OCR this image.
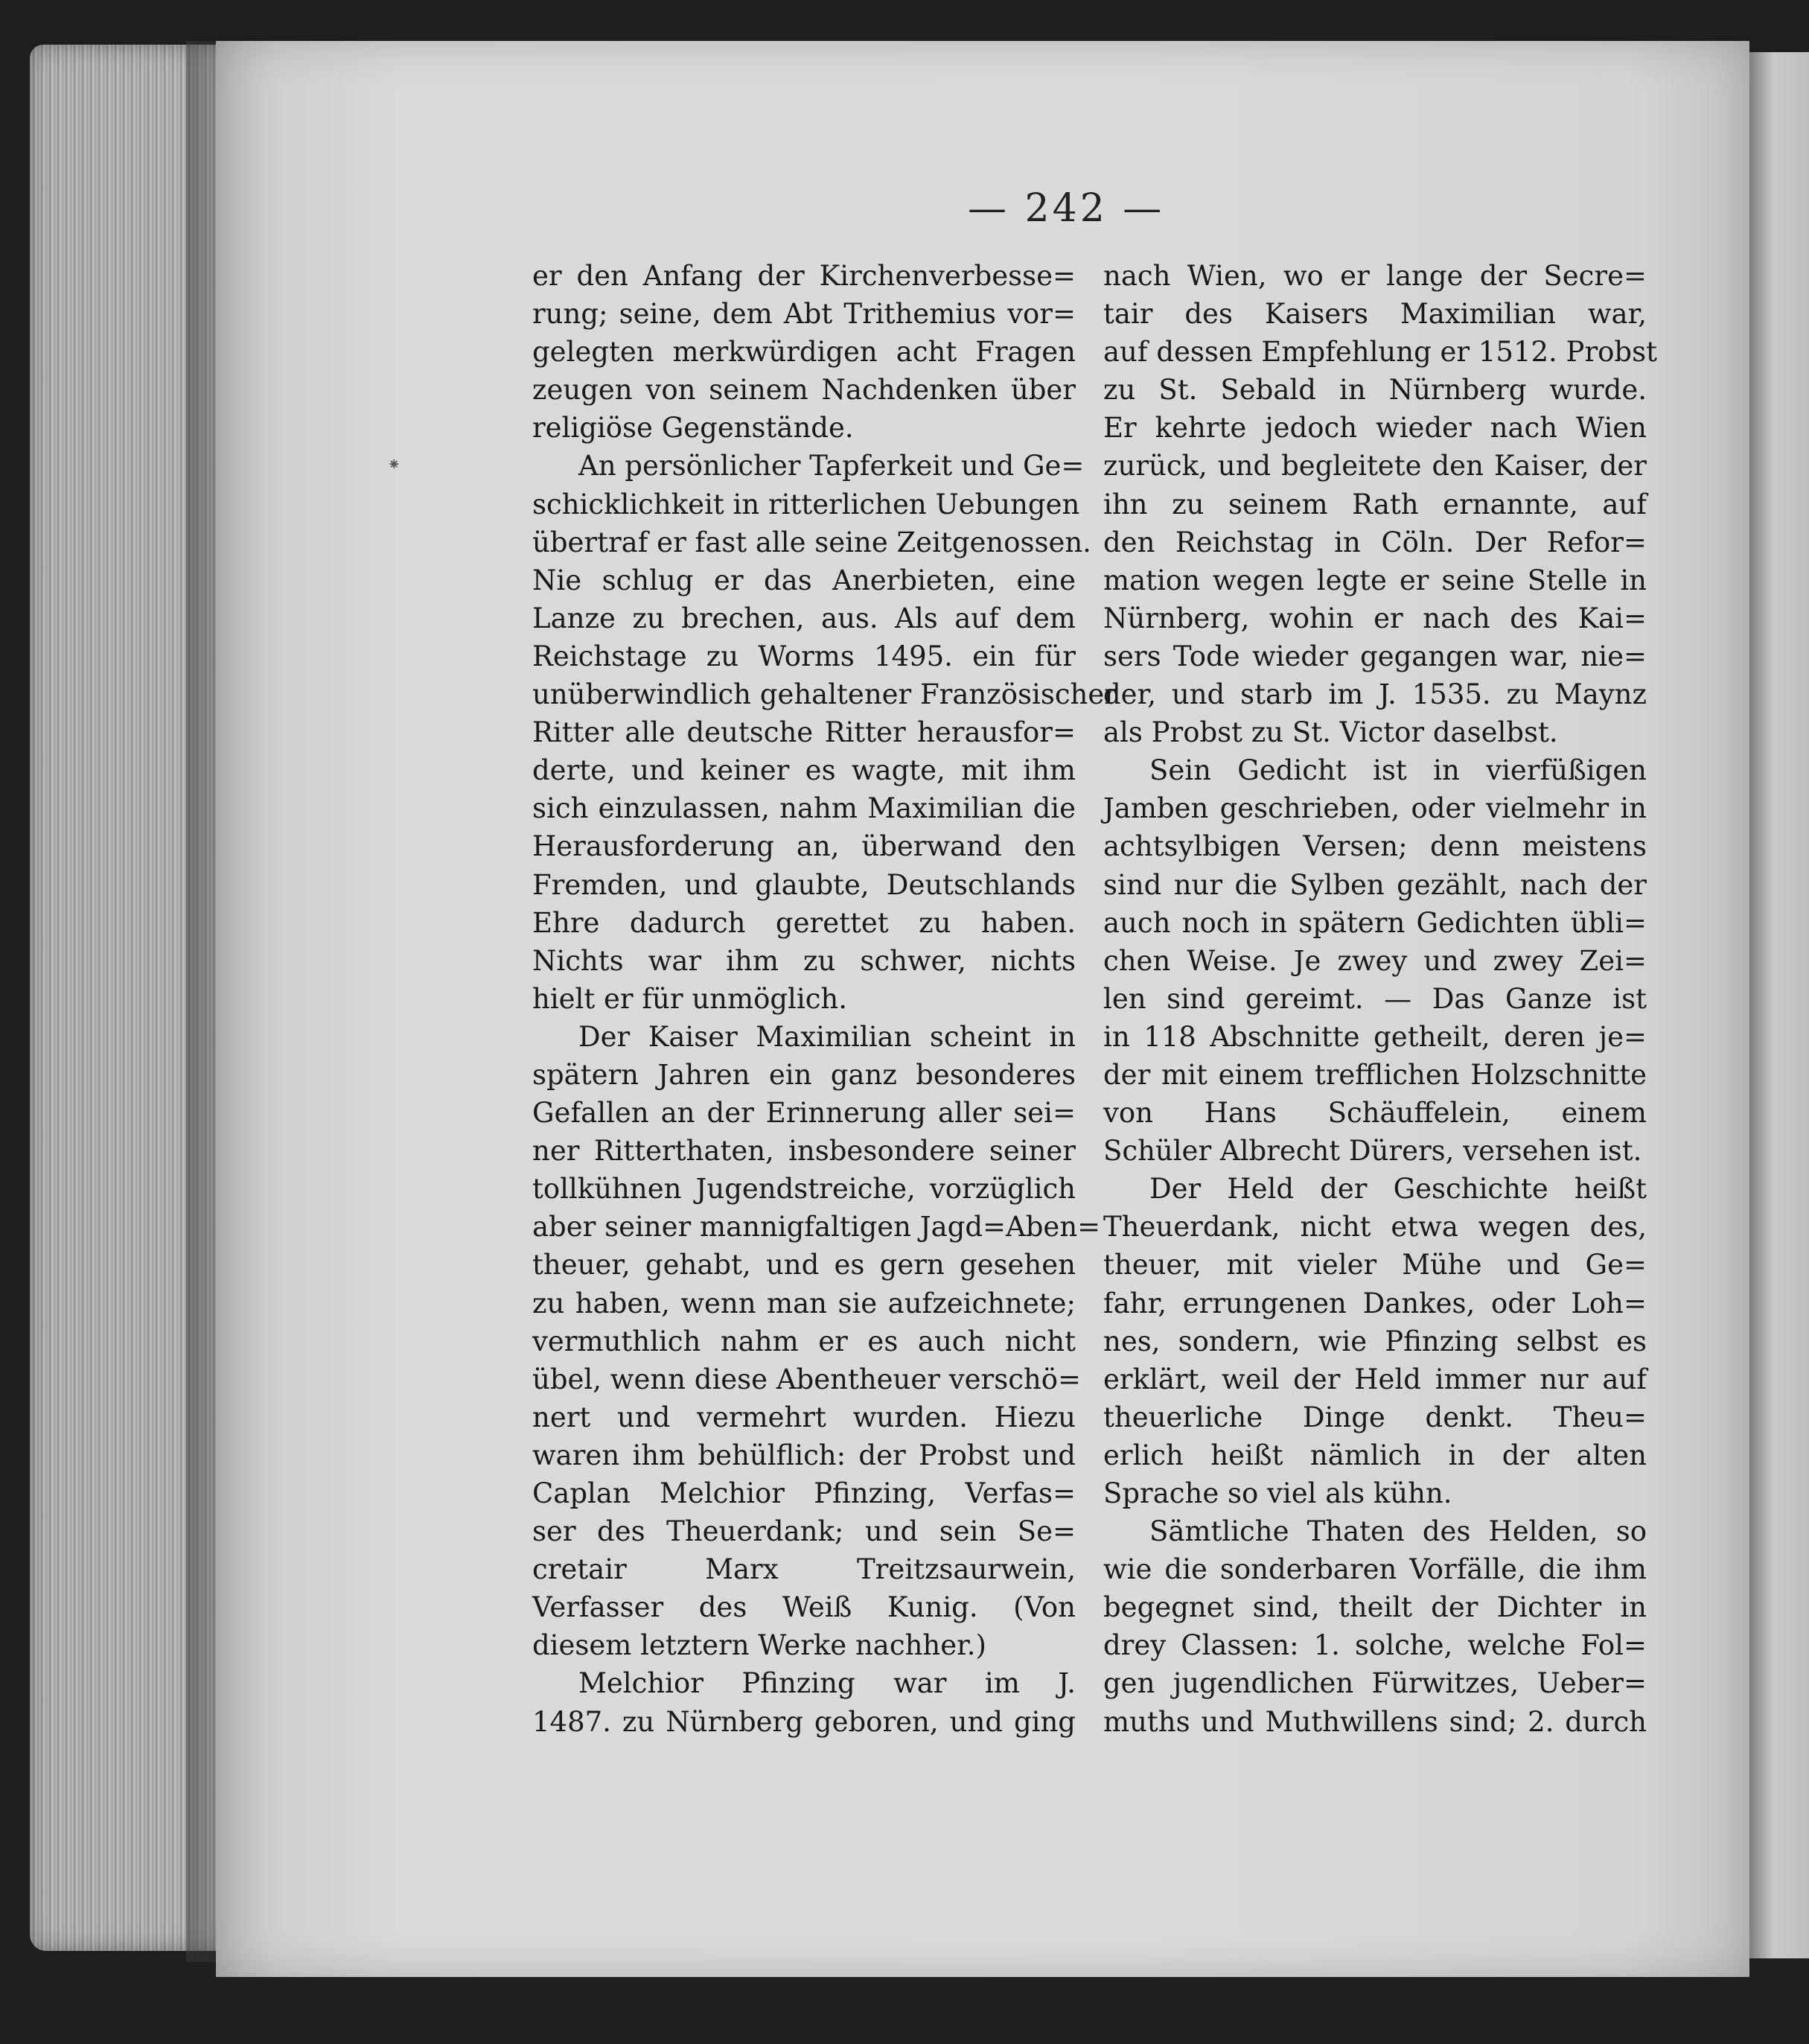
⁕
— 242 —
er den Anfang der Kirchenverbesse=
rung; seine, dem Abt Trithemius vor=
gelegten merkwürdigen acht Fragen
zeugen von seinem Nachdenken über
religiöse Gegenstände.
An persönlicher Tapferkeit und Ge=
schicklichkeit in ritterlichen Uebungen
übertraf er fast alle seine Zeitgenossen.
Nie schlug er das Anerbieten, eine
Lanze zu brechen, aus. Als auf dem
Reichstage zu Worms 1495. ein für
unüberwindlich gehaltener Französischer
Ritter alle deutsche Ritter herausfor=
derte, und keiner es wagte, mit ihm
sich einzulassen, nahm Maximilian die
Herausforderung an, überwand den
Fremden, und glaubte, Deutschlands
Ehre dadurch gerettet zu haben.
Nichts war ihm zu schwer, nichts
hielt er für unmöglich.
Der Kaiser Maximilian scheint in
spätern Jahren ein ganz besonderes
Gefallen an der Erinnerung aller sei=
ner Ritterthaten, insbesondere seiner
tollkühnen Jugendstreiche, vorzüglich
aber seiner mannigfaltigen Jagd=Aben=
theuer, gehabt, und es gern gesehen
zu haben, wenn man sie aufzeichnete;
vermuthlich nahm er es auch nicht
übel, wenn diese Abentheuer verschö=
nert und vermehrt wurden. Hiezu
waren ihm behülflich: der Probst und
Caplan Melchior Pfinzing, Verfas=
ser des Theuerdank; und sein Se=
cretair Marx Treitzsaurwein,
Verfasser des Weiß Kunig. (Von
diesem letztern Werke nachher.)
Melchior Pfinzing war im J.
1487. zu Nürnberg geboren, und ging
nach Wien, wo er lange der Secre=
tair des Kaisers Maximilian war,
auf dessen Empfehlung er 1512. Probst
zu St. Sebald in Nürnberg wurde.
Er kehrte jedoch wieder nach Wien
zurück, und begleitete den Kaiser, der
ihn zu seinem Rath ernannte, auf
den Reichstag in Cöln. Der Refor=
mation wegen legte er seine Stelle in
Nürnberg, wohin er nach des Kai=
sers Tode wieder gegangen war, nie=
der, und starb im J. 1535. zu Maynz
als Probst zu St. Victor daselbst.
Sein Gedicht ist in vierfüßigen
Jamben geschrieben, oder vielmehr in
achtsylbigen Versen; denn meistens
sind nur die Sylben gezählt, nach der
auch noch in spätern Gedichten übli=
chen Weise. Je zwey und zwey Zei=
len sind gereimt. — Das Ganze ist
in 118 Abschnitte getheilt, deren je=
der mit einem trefflichen Holzschnitte
von Hans Schäuffelein, einem
Schüler Albrecht Dürers, versehen ist.
Der Held der Geschichte heißt
Theuerdank, nicht etwa wegen des,
theuer, mit vieler Mühe und Ge=
fahr, errungenen Dankes, oder Loh=
nes, sondern, wie Pfinzing selbst es
erklärt, weil der Held immer nur auf
theuerliche Dinge denkt. Theu=
erlich heißt nämlich in der alten
Sprache so viel als kühn.
Sämtliche Thaten des Helden, so
wie die sonderbaren Vorfälle, die ihm
begegnet sind, theilt der Dichter in
drey Classen: 1. solche, welche Fol=
gen jugendlichen Fürwitzes, Ueber=
muths und Muthwillens sind; 2. durch
